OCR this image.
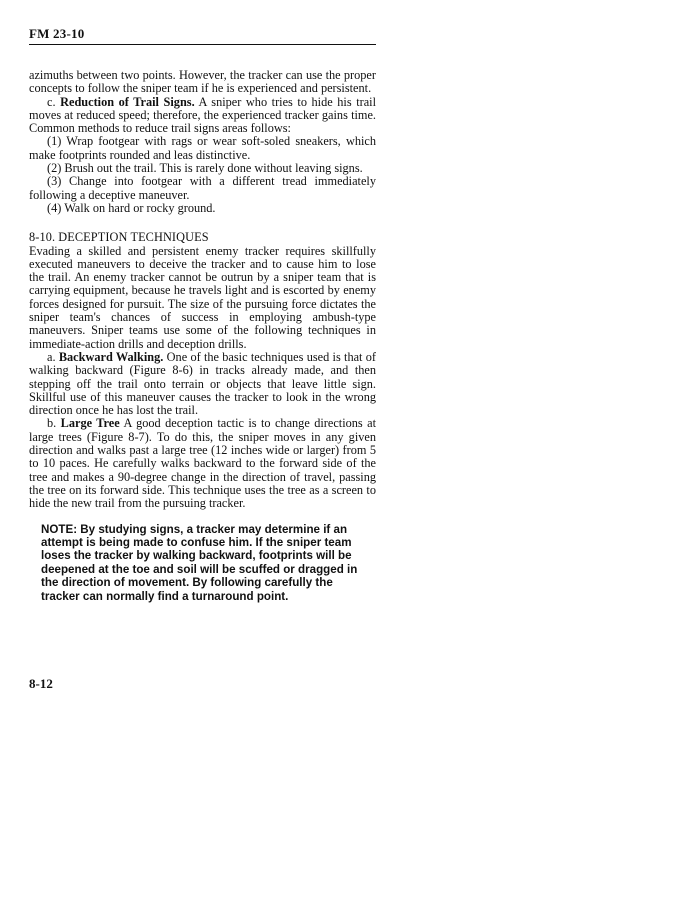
FM 23-10

azimuths between two points. However, the tracker can use the proper concepts to follow the sniper team if he is experienced and persistent.

c. Reduction of Trail Signs. A sniper who tries to hide his trail moves at reduced speed; therefore, the experienced tracker gains time. Common methods to reduce trail signs areas follows:

(1) Wrap footgear with rags or wear soft-soled sneakers, which make footprints rounded and leas distinctive.

(2) Brush out the trail. This is rarely done without leaving signs.

(3) Change into footgear with a different tread immediately following a deceptive maneuver.

(4) Walk on hard or rocky ground.

8-10. DECEPTION TECHNIQUES

Evading a skilled and persistent enemy tracker requires skillfully executed maneuvers to deceive the tracker and to cause him to lose the trail. An enemy tracker cannot be outrun by a sniper team that is carrying equipment, because he travels light and is escorted by enemy forces designed for pursuit. The size of the pursuing force dictates the sniper team's chances of success in employing ambush-type maneuvers. Sniper teams use some of the following techniques in immediate-action drills and deception drills.

a. Backward Walking. One of the basic techniques used is that of walking backward (Figure 8-6) in tracks already made, and then stepping off the trail onto terrain or objects that leave little sign. Skillful use of this maneuver causes the tracker to look in the wrong direction once he has lost the trail.

b. Large Tree A good deception tactic is to change directions at large trees (Figure 8-7). To do this, the sniper moves in any given direction and walks past a large tree (12 inches wide or larger) from 5 to 10 paces. He carefully walks backward to the forward side of the tree and makes a 90-degree change in the direction of travel, passing the tree on its forward side. This technique uses the tree as a screen to hide the new trail from the pursuing tracker.

NOTE: By studying signs, a tracker may determine if an attempt is being made to confuse him. If the sniper team loses the tracker by walking backward, footprints will be deepened at the toe and soil will be scuffed or dragged in the direction of movement. By following carefully the tracker can normally find a turnaround point.

8-12
